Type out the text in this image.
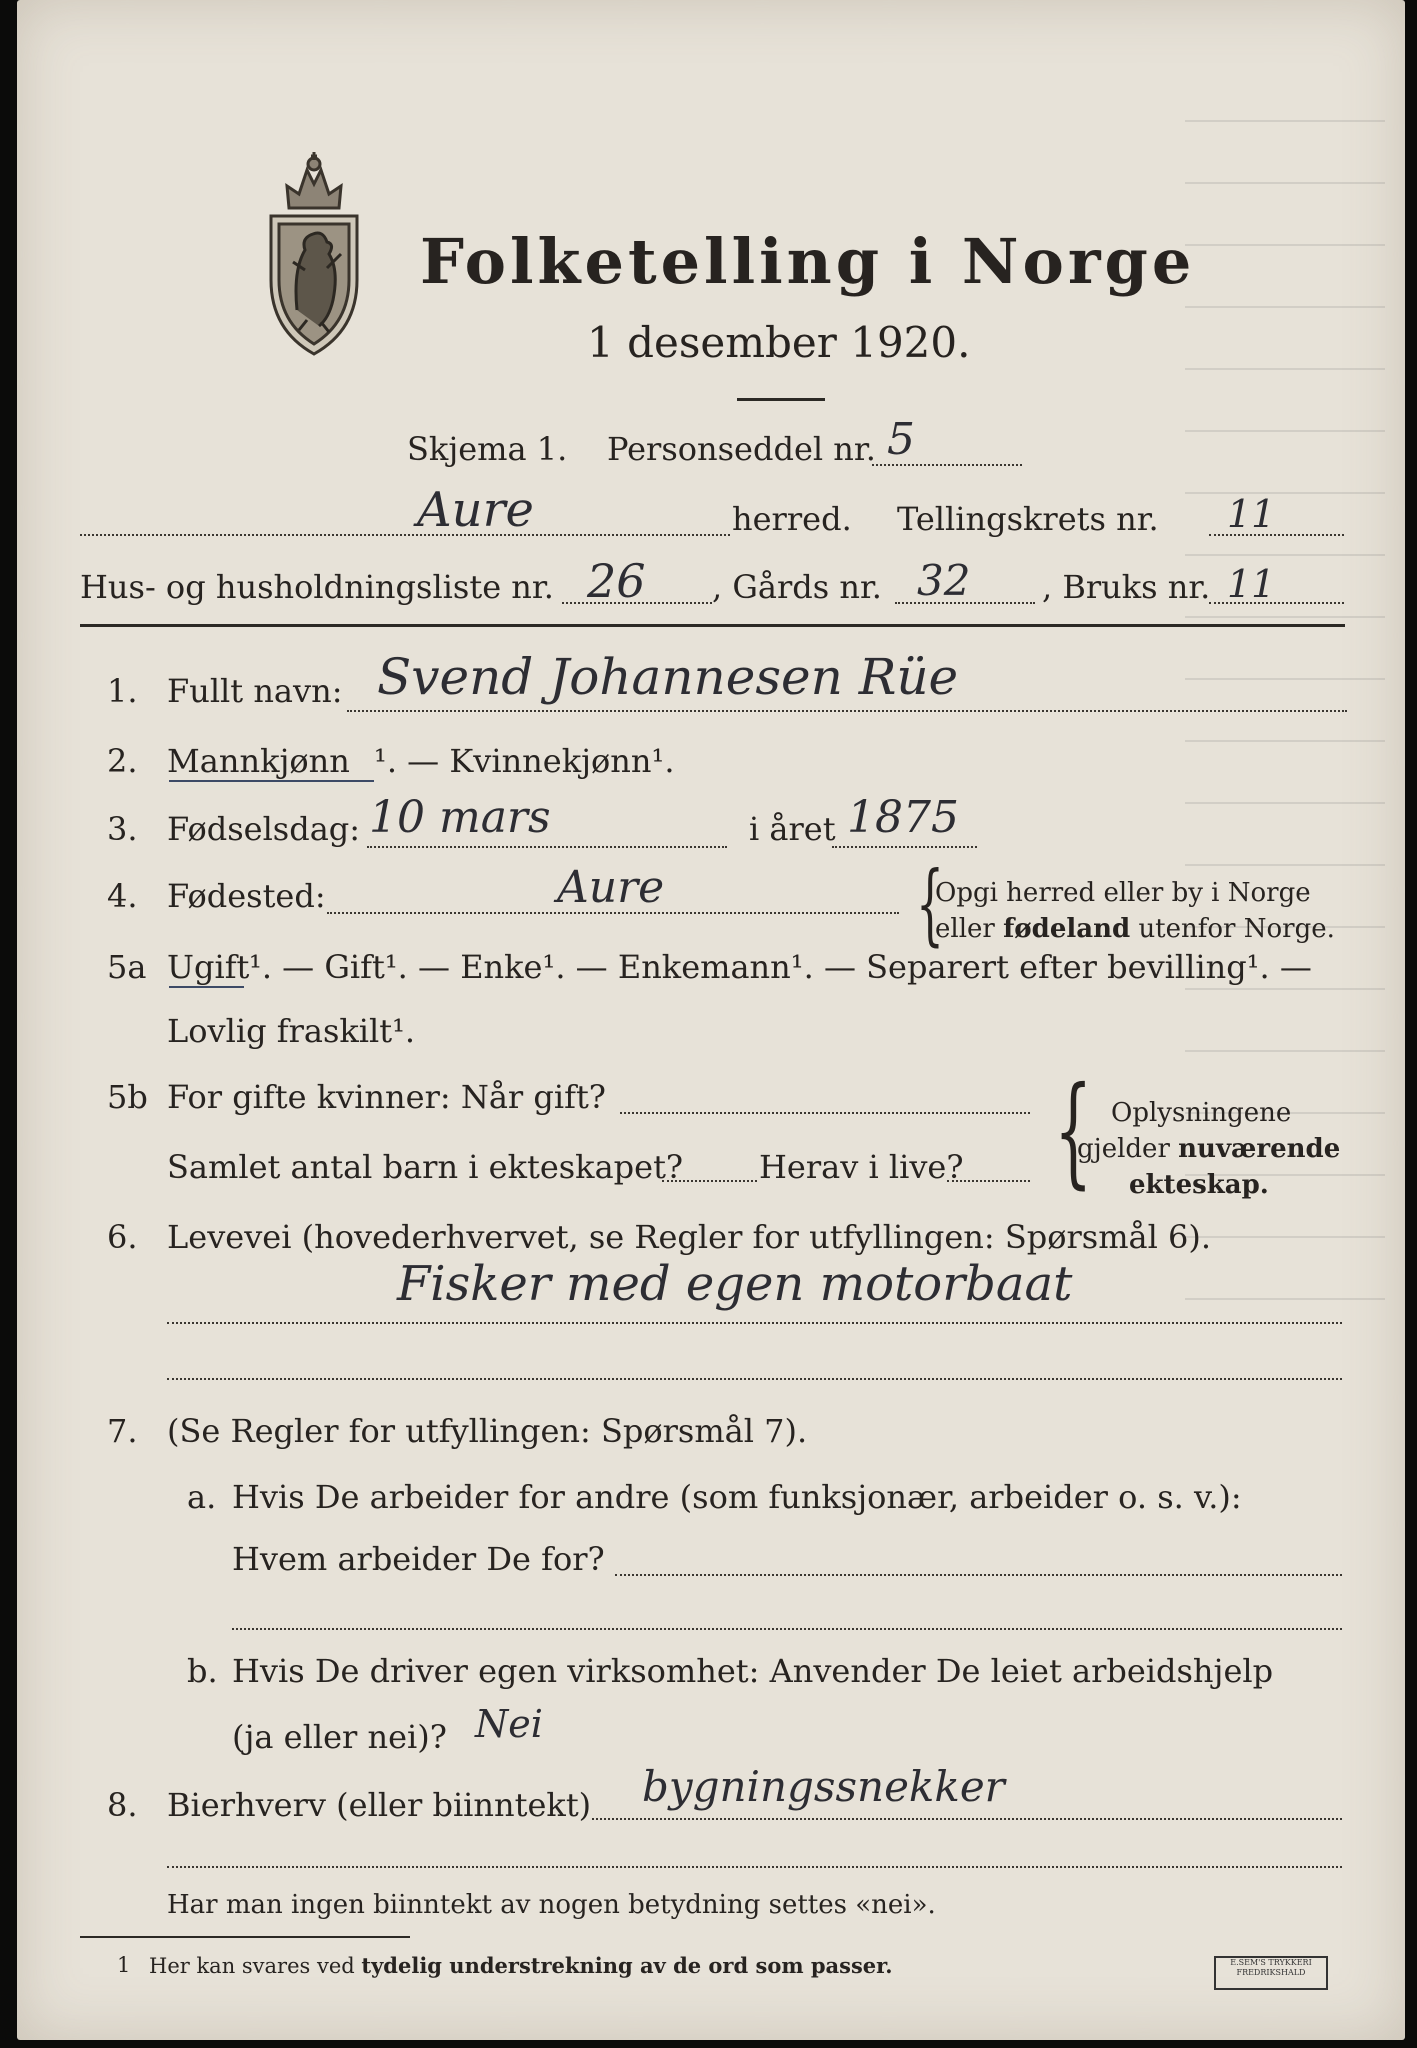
Folketelling i Norge
1 desember 1920.
Skjema 1. Personseddel nr. 5
Aure	herred. Tellingskrets nr. 11
Hus- og husholdningsliste nr. 26 , Gårds nr. 32 , Bruks nr. 11
1. Fullt navn: Svend Johannesen Rüe
2. Mannkjønn ¹. — Kvinnekjønn¹.
3. Fødselsdag: 10 mars	i året 1875
4. Fødested:	Aure	{
Opgi herred eller by i Norge
eller fødeland utenfor Norge.
5a Ugift ¹. — Gift¹. — Enke¹. — Enkemann¹. — Separert efter bevilling¹. —
Lovlig fraskilt¹.
5b For gifte kvinner: Når gift?
Samlet antal barn i ekteskapet? Herav i live? { Oplysningene
gjelder nuværende
ekteskap.
6. Levevei (hovederhvervet, se Regler for utfyllingen: Spørsmål 6).
Fisker med egen motorbaat
7. (Se Regler for utfyllingen: Spørsmål 7).
a. Hvis De arbeider for andre (som funksjonær, arbeider o. s. v.):
Hvem arbeider De for?
b. Hvis De driver egen virksomhet: Anvender De leiet arbeidshjelp
(ja eller nei)? Nei
8. Bierhverv (eller biinntekt) bygningssnekker
Har man ingen biinntekt av nogen betydning settes «nei».
1 Her kan svares ved tydelig understrekning av de ord som passer.	E.SEM'S TRYKKERI
FREDRIKSHALD
